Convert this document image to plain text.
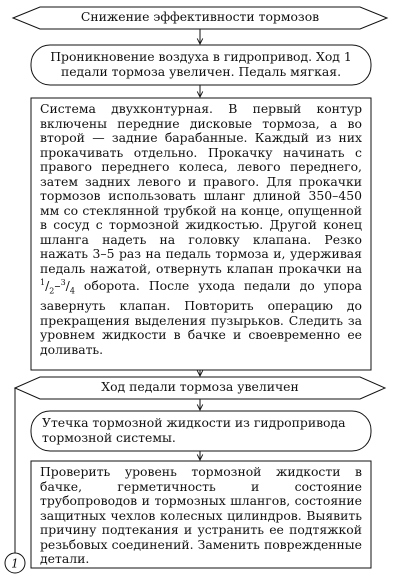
1

Снижение эффективности тормозов

Проникновение воздуха в гидропривод. Ход 1 педали тормоза увеличен. Педаль мягкая.

Система двухконтурная. В первый контур включены передние дисковые тормоза, а во второй — задние барабанные. Каждый из них прокачивать отдельно. Прокачку начинать с правого переднего колеса, левого переднего, затем задних левого и правого. Для прокачки тормозов использовать шланг длиной 350–450 мм со стеклянной трубкой на конце, опущенной в сосуд с тормозной жидкостью. Другой конец шланга надеть на головку клапана. Резко нажать 3–5 раз на педаль тормоза и, удерживая педаль нажатой, отвернуть клапан прокачки на $^1/_2-^3/_4$ оборота. После ухода педали до упора завернуть клапан. Повторить операцию до прекращения выделения пузырьков. Следить за уровнем жидкости в бачке и своевременно ее доливать.

Ход педали тормоза увеличен

Утечка тормозной жидкости из гидропривода тормозной системы.

Проверить уровень тормозной жидкости в бачке, герметичность и состояние трубопроводов и тормозных шлангов, состояние защитных чехлов колесных цилиндров. Выявить причину подтекания и устранить ее подтяжкой резьбовых соединений. Заменить поврежденные детали.
